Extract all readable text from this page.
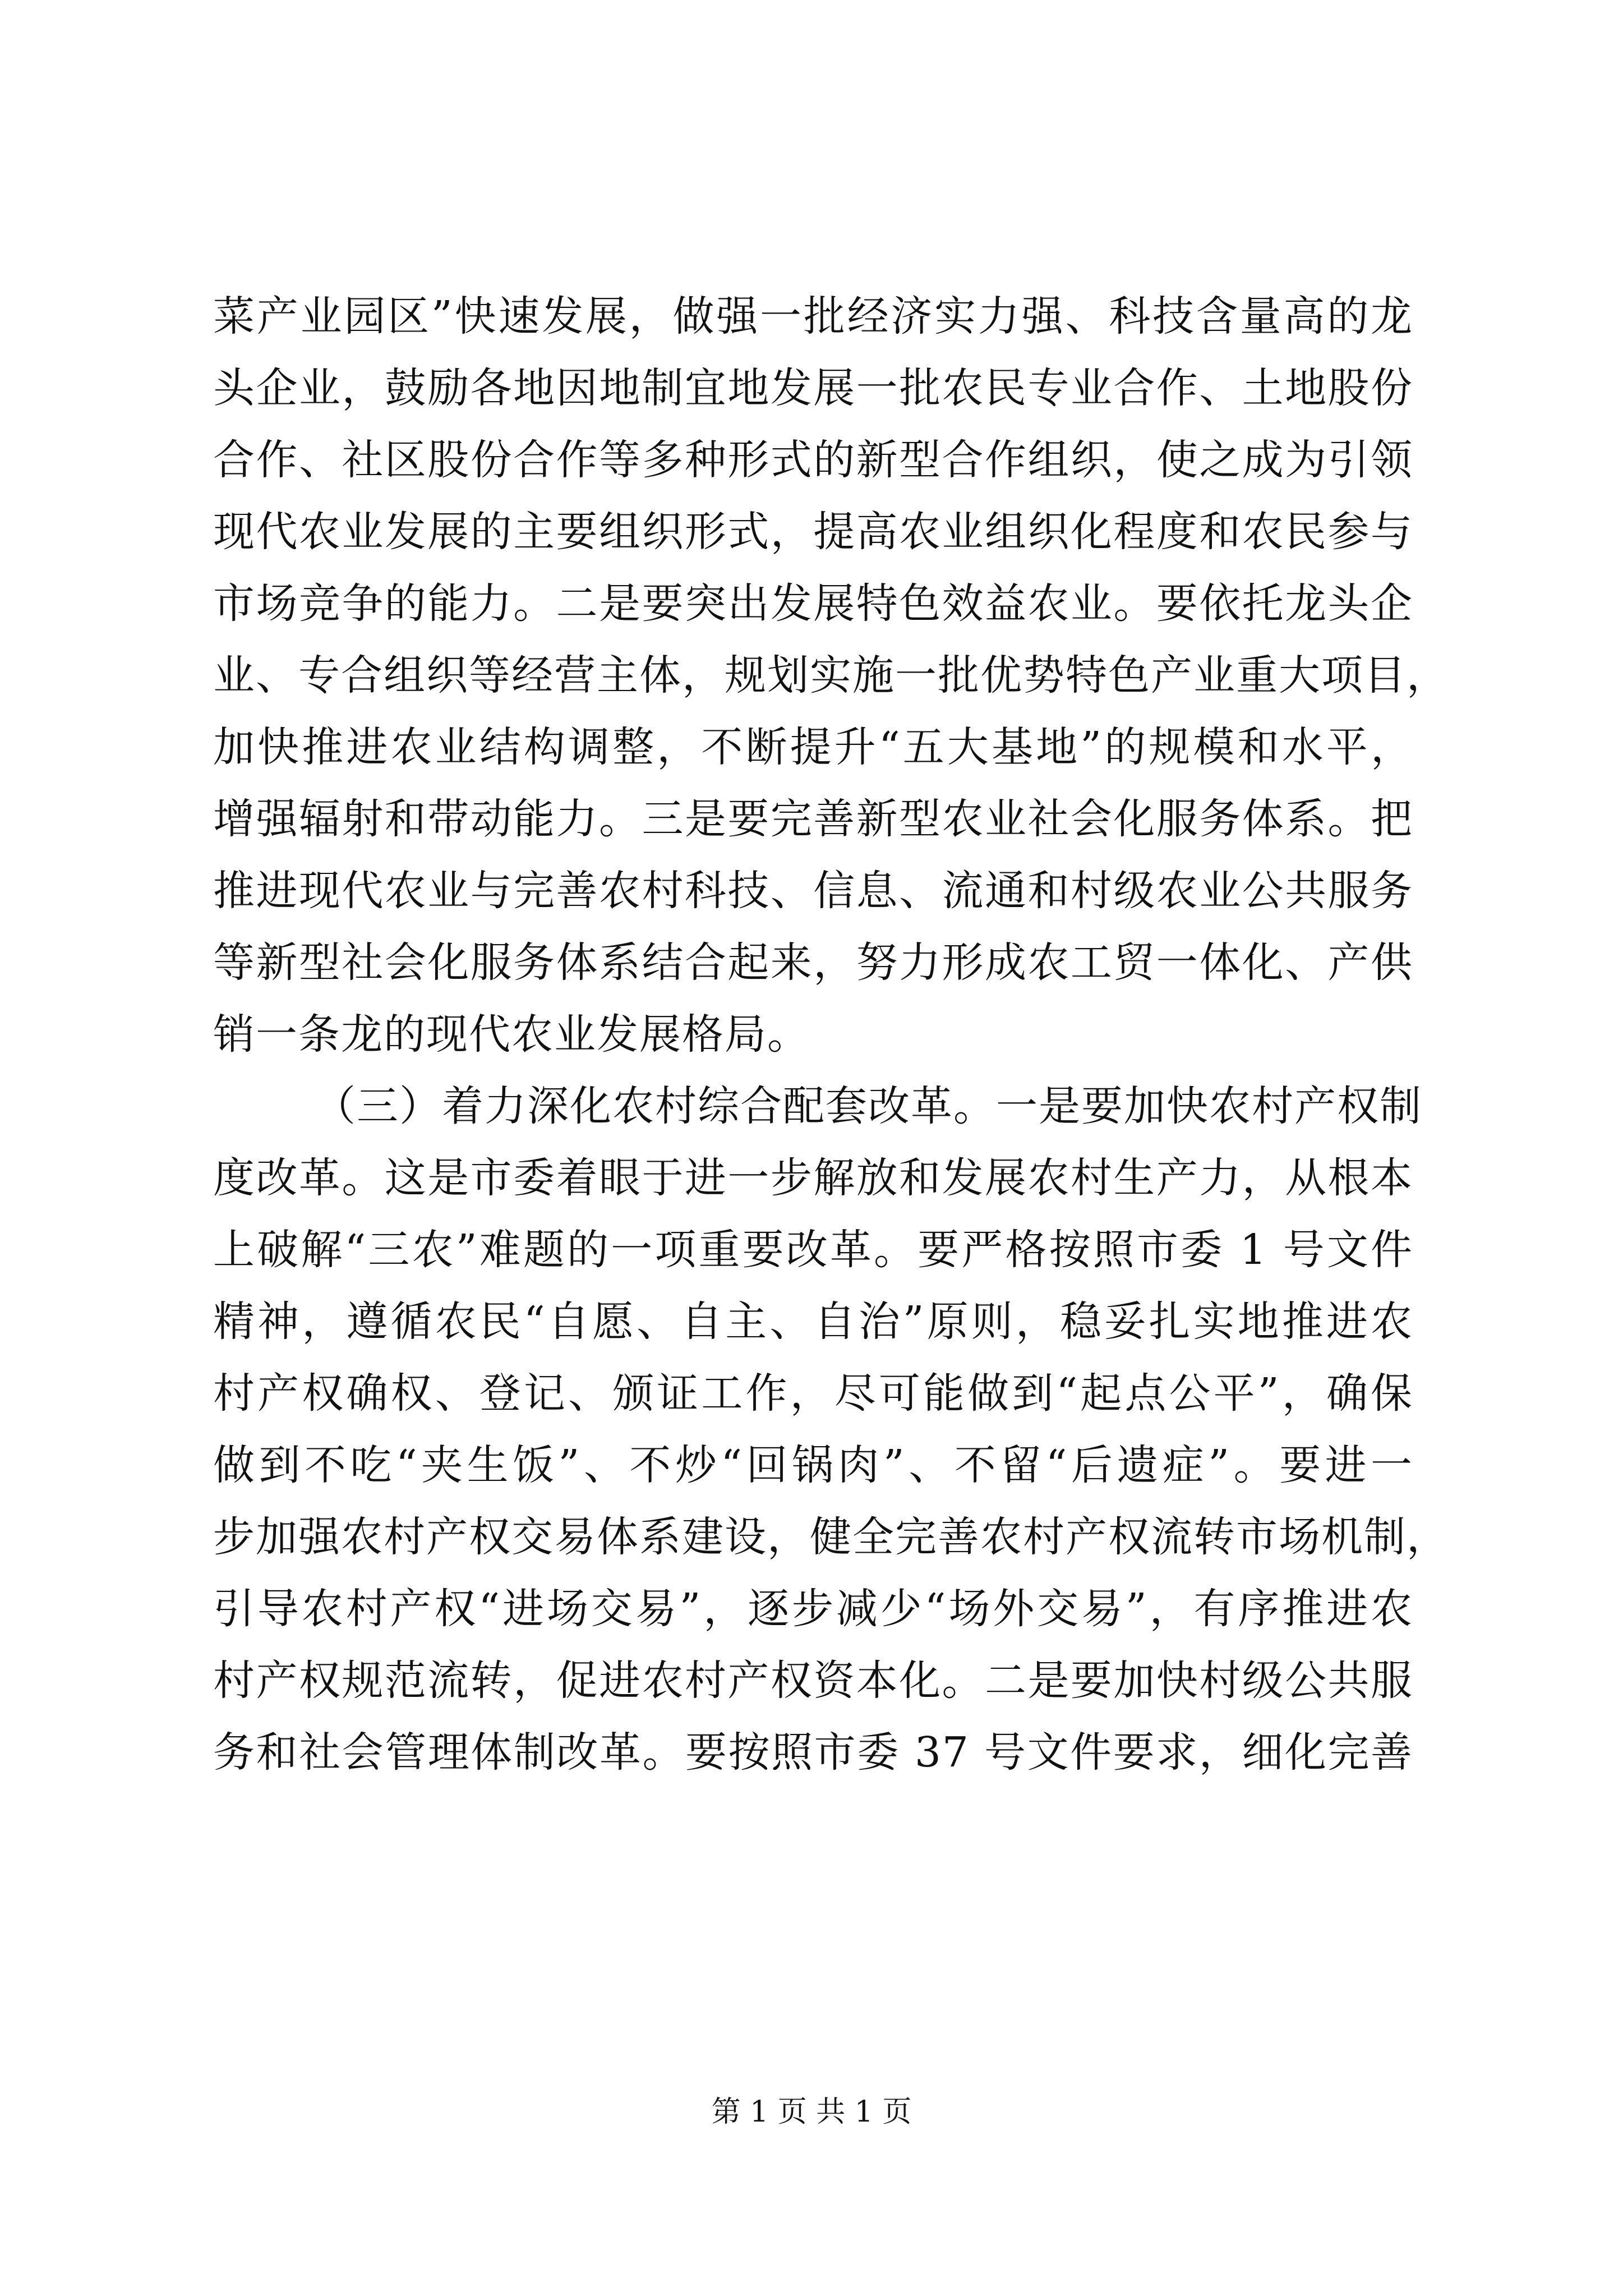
菜产业园区”快速发展，做强一批经济实力强、科技含量高的龙
头企业，鼓励各地因地制宜地发展一批农民专业合作、土地股份
合作、社区股份合作等多种形式的新型合作组织，使之成为引领
现代农业发展的主要组织形式，提高农业组织化程度和农民参与
市场竞争的能力。二是要突出发展特色效益农业。要依托龙头企
业、专合组织等经营主体，规划实施一批优势特色产业重大项目，
加快推进农业结构调整，不断提升“五大基地”的规模和水平，
增强辐射和带动能力。三是要完善新型农业社会化服务体系。把
推进现代农业与完善农村科技、信息、流通和村级农业公共服务
等新型社会化服务体系结合起来，努力形成农工贸一体化、产供
销一条龙的现代农业发展格局。
（三）着力深化农村综合配套改革。一是要加快农村产权制
度改革。这是市委着眼于进一步解放和发展农村生产力，从根本
上破解“三农”难题的一项重要改革。要严格按照市委 1 号文件
精神，遵循农民“自愿、自主、自治”原则，稳妥扎实地推进农
村产权确权、登记、颁证工作，尽可能做到“起点公平”，确保
做到不吃“夹生饭”、不炒“回锅肉”、不留“后遗症”。要进一
步加强农村产权交易体系建设，健全完善农村产权流转市场机制，
引导农村产权“进场交易”，逐步减少“场外交易”，有序推进农
村产权规范流转，促进农村产权资本化。二是要加快村级公共服
务和社会管理体制改革。要按照市委 37 号文件要求，细化完善
第 1 页 共 1 页
